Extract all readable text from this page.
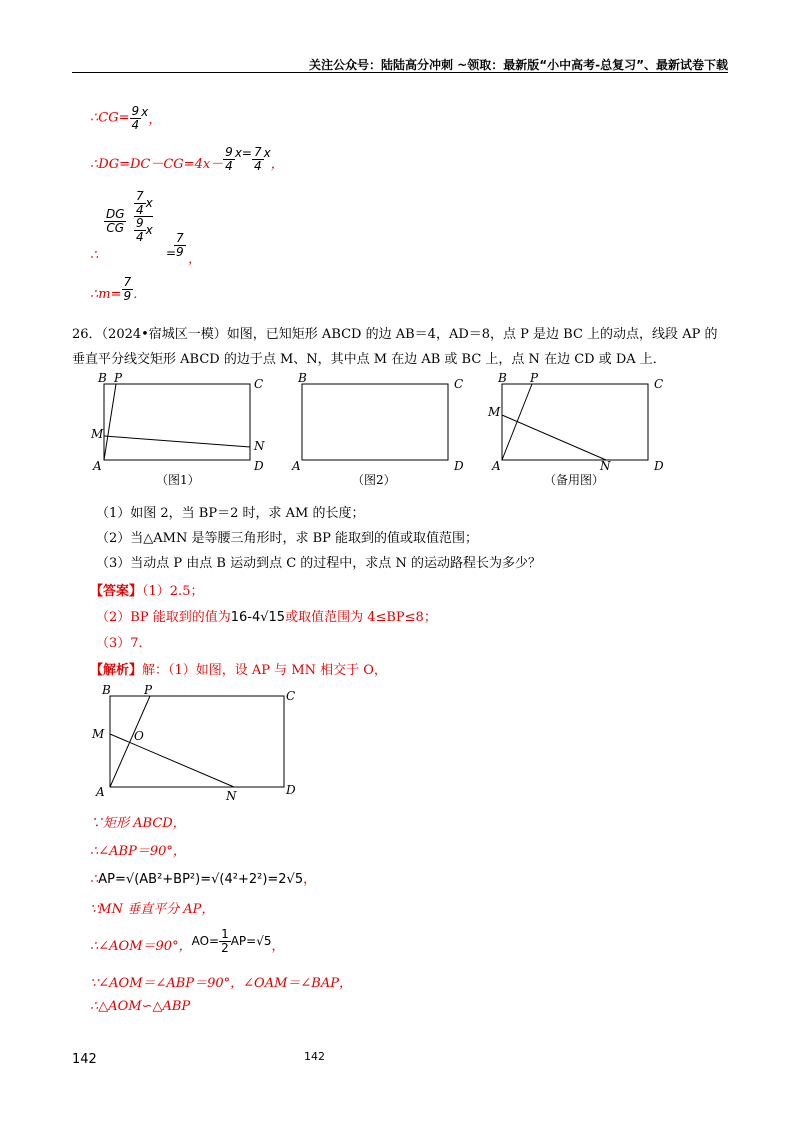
关注公众号：陆陆高分冲刺 ~领取：最新版“小中高考-总复习”、最新试卷下载
∴CG= $\frac{9}{4}$ x，
∴DG=DC－CG=4x－ $\frac{9}{4} x= \frac{7}{4}$ x，
∴
$\frac{DG}{CG}$
$\frac{7}{4}$ x
$\frac{9}{4}$ x
=
$\frac{7}{9}$
，
∴m= $\frac{7}{9}$ ．
26．（2024•宿城区一模）如图，已知矩形 ABCD 的边 AB＝4，AD＝8，点 P 是边 BC 上的动点，线段 AP 的
垂直平分线交矩形 ABCD 的边于点 M、N，其中点 M 在边 AB 或 BC 上，点 N 在边 CD 或 DA 上．
B P	C
M
N
A	D
（图1）
B	C
A	D
（图2）
B P	C
M
N
A	D
（备用图）
（1）如图 2，当 BP＝2 时，求 AM 的长度；
（2）当△AMN 是等腰三角形时，求 BP 能取到的值或取值范围；
（3）当动点 P 由点 B 运动到点 C 的过程中，求点 N 的运动路程长为多少？
【答案】（1）2.5；
（2）BP 能取到的值为16-4√15或取值范围为 4≤BP≤8；
（3）7．
【解析】解：（1）如图，设 AP 与 MN 相交于 O，
B	P	C
M O
N
A	D
∵矩形 ABCD，
∴∠ABP＝90°，
∴AP=√(AB²+BP²)=√(4²+2²)=2√5，
∵MN 垂直平分 AP，
∴∠AOM＝90°， $AO= \frac{1}{2} AP=√5$ ，
∵∠AOM＝∠ABP＝90°，∠OAM＝∠BAP，
∴△AOM∽△ABP
142	142
